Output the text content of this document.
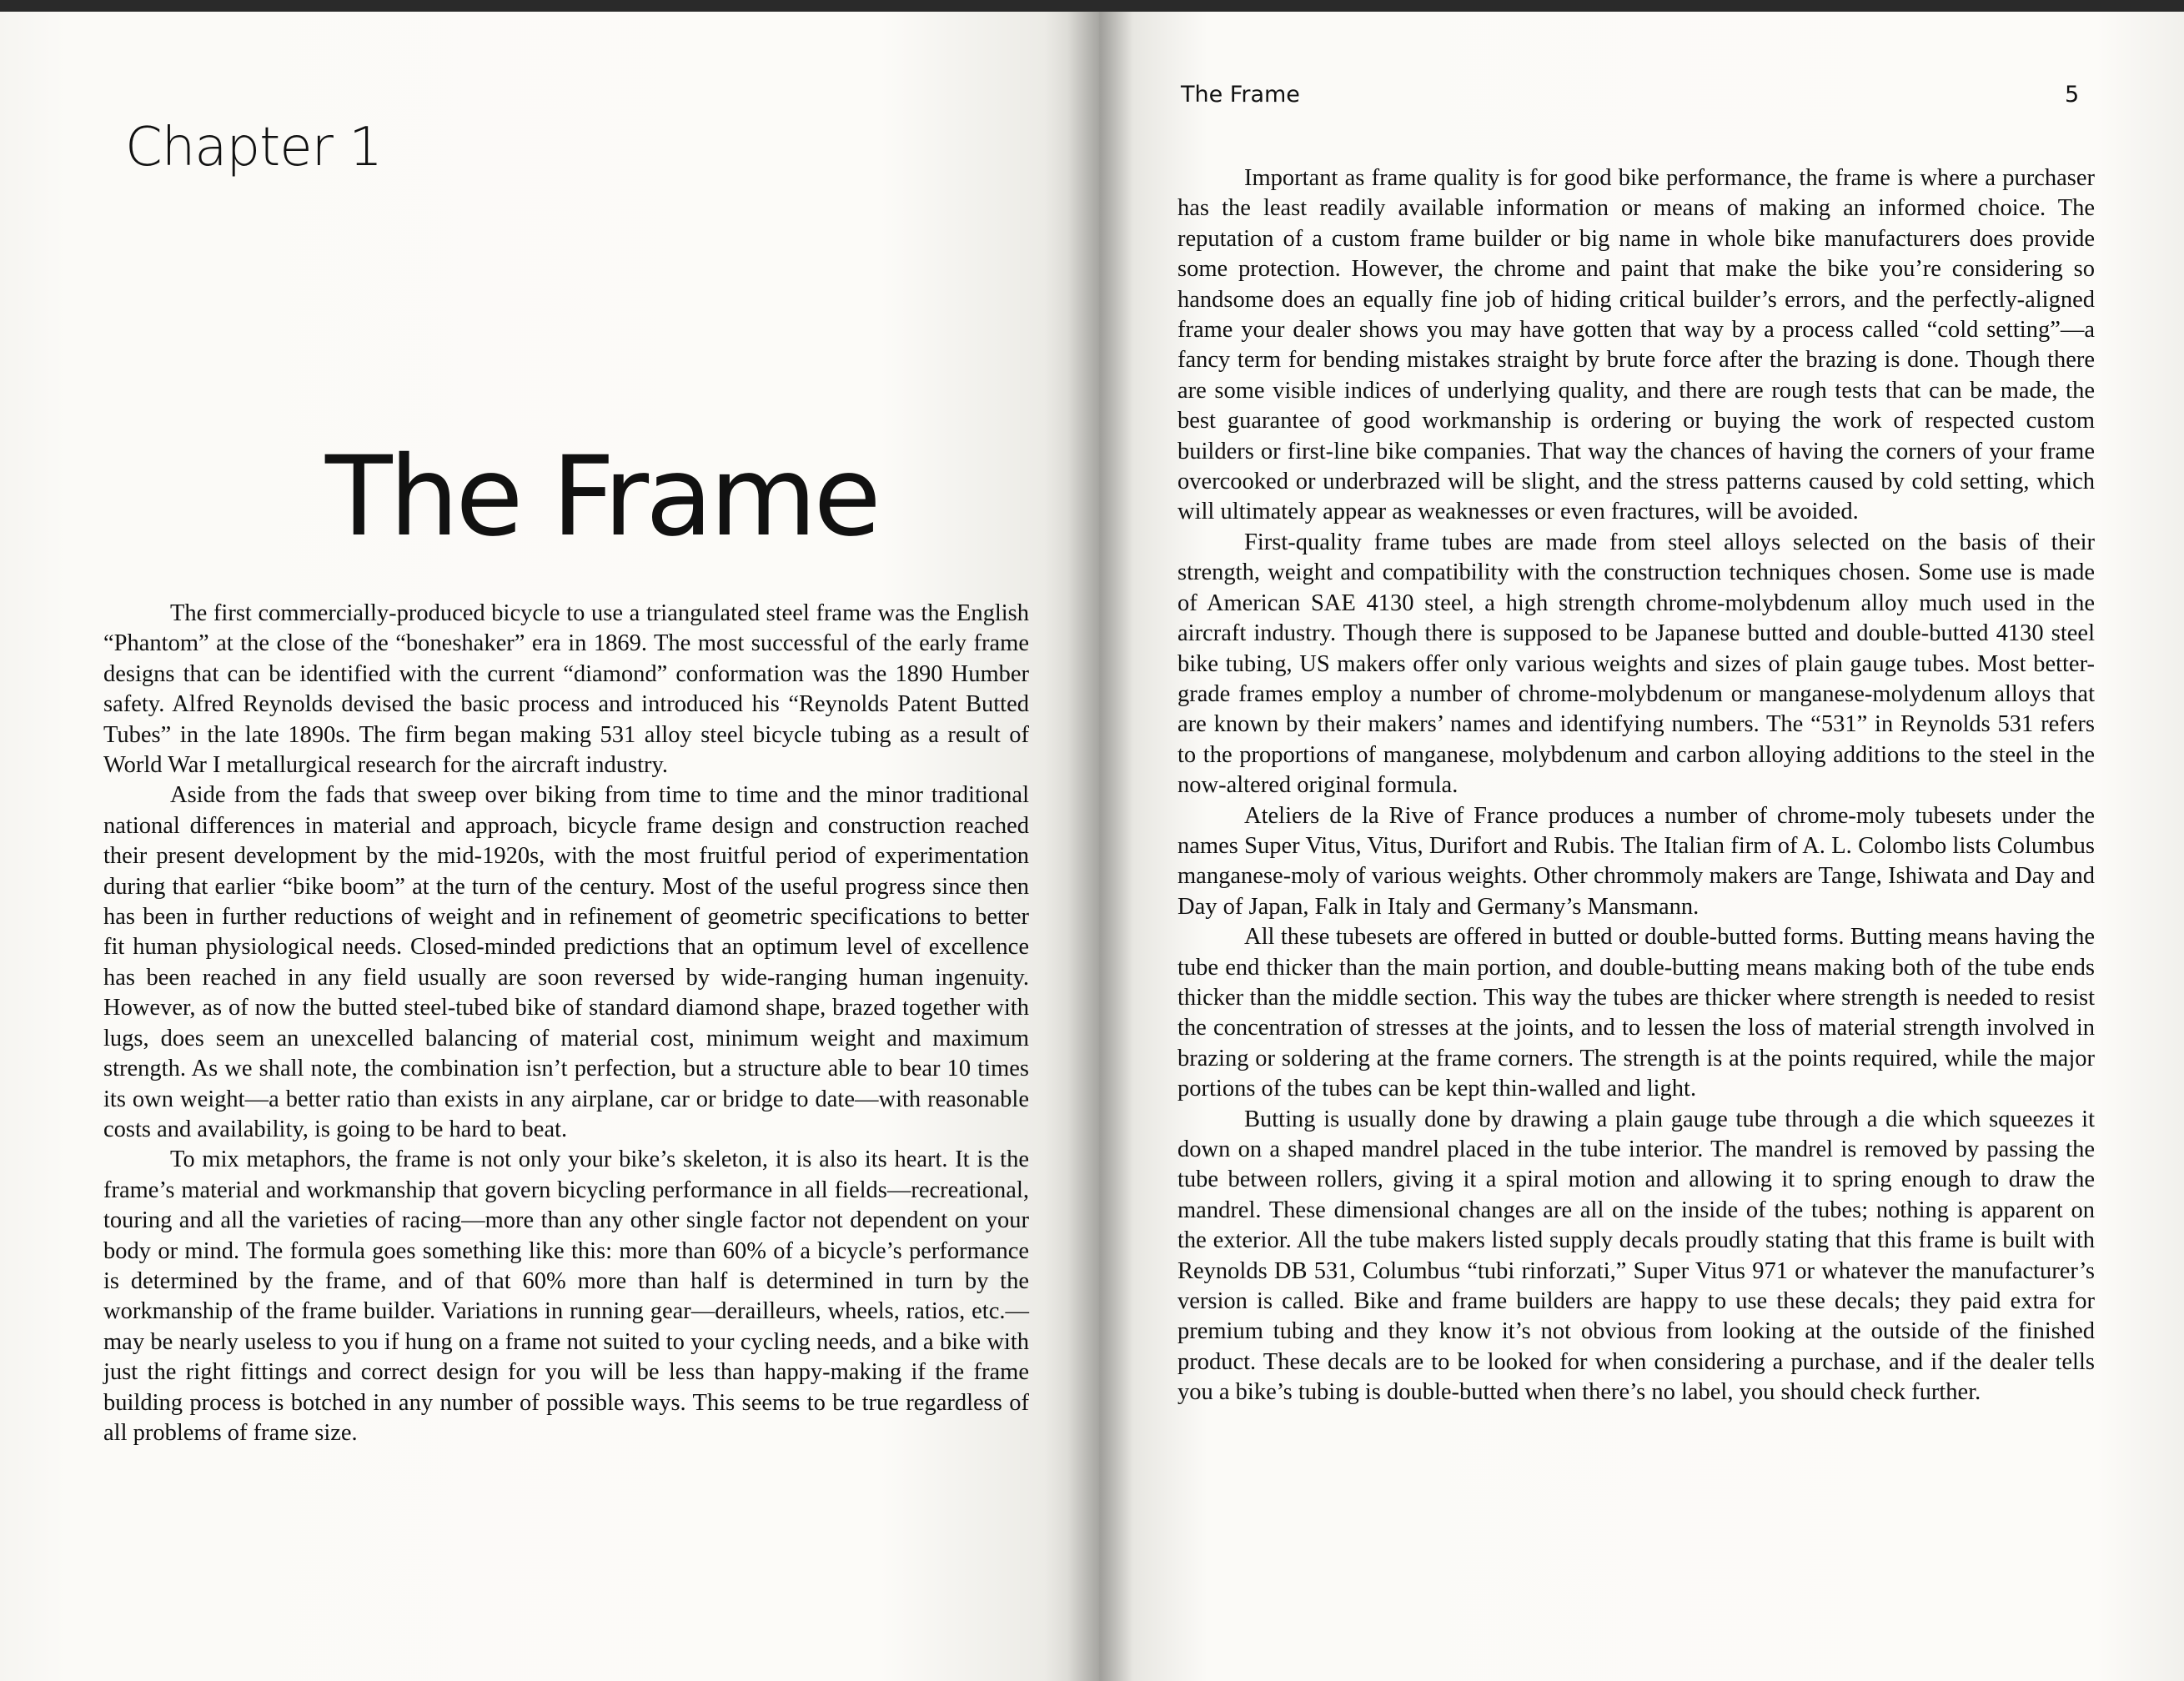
Chapter 1
The Frame

The first commercially-produced bicycle to use a triangulated steel frame was the English “Phantom” at the close of the “boneshaker” era in 1869. The most successful of the early frame designs that can be identified with the current “diamond” conformation was the 1890 Humber safety. Alfred Reynolds devised the basic process and introduced his “Reynolds Patent Butted Tubes” in the late 1890s. The firm began making 531 alloy steel bicycle tubing as a result of World War I metallurgical research for the aircraft industry.

Aside from the fads that sweep over biking from time to time and the minor traditional national differences in material and approach, bicycle frame design and construction reached their present development by the mid-1920s, with the most fruitful period of experimentation during that earlier “bike boom” at the turn of the century. Most of the useful progress since then has been in further reductions of weight and in refinement of geometric specifications to better fit human physiological needs. Closed-minded predictions that an optimum level of excellence has been reached in any field usually are soon reversed by wide-ranging human ingenuity. However, as of now the butted steel-tubed bike of standard diamond shape, brazed together with lugs, does seem an unexcelled balancing of material cost, minimum weight and maximum strength. As we shall note, the combination isn’t perfection, but a structure able to bear 10 times its own weight—a better ratio than exists in any airplane, car or bridge to date—with reasonable costs and availability, is going to be hard to beat.

To mix metaphors, the frame is not only your bike’s skeleton, it is also its heart. It is the frame’s material and workmanship that govern bicycling performance in all fields—recreational, touring and all the varieties of racing—more than any other single factor not dependent on your body or mind. The formula goes something like this: more than 60% of a bicycle’s performance is determined by the frame, and of that 60% more than half is determined in turn by the workmanship of the frame builder. Variations in running gear—derailleurs, wheels, ratios, etc.—may be nearly useless to you if hung on a frame not suited to your cycling needs, and a bike with just the right fittings and correct design for you will be less than happy-making if the frame building process is botched in any number of possible ways. This seems to be true regardless of all problems of frame size.

The Frame	5

Important as frame quality is for good bike performance, the frame is where a purchaser has the least readily available information or means of making an informed choice. The reputation of a custom frame builder or big name in whole bike manufacturers does provide some protection. However, the chrome and paint that make the bike you’re considering so handsome does an equally fine job of hiding critical builder’s errors, and the perfectly-aligned frame your dealer shows you may have gotten that way by a process called “cold setting”—a fancy term for bending mistakes straight by brute force after the brazing is done. Though there are some visible indices of underlying quality, and there are rough tests that can be made, the best guarantee of good workmanship is ordering or buying the work of respected custom builders or first-line bike companies. That way the chances of having the corners of your frame overcooked or underbrazed will be slight, and the stress patterns caused by cold setting, which will ultimately appear as weaknesses or even fractures, will be avoided.

First-quality frame tubes are made from steel alloys selected on the basis of their strength, weight and compatibility with the construction techniques chosen. Some use is made of American SAE 4130 steel, a high strength chrome-molybdenum alloy much used in the aircraft industry. Though there is supposed to be Japanese butted and double-butted 4130 steel bike tubing, US makers offer only various weights and sizes of plain gauge tubes. Most better-grade frames employ a number of chrome-molybdenum or manganese-molydenum alloys that are known by their makers’ names and identifying numbers. The “531” in Reynolds 531 refers to the proportions of manganese, molybdenum and carbon alloying additions to the steel in the now-altered original formula.

Ateliers de la Rive of France produces a number of chrome-moly tubesets under the names Super Vitus, Vitus, Durifort and Rubis. The Italian firm of A. L. Colombo lists Columbus manganese-moly of various weights. Other chrommoly makers are Tange, Ishiwata and Day and Day of Japan, Falk in Italy and Germany’s Mansmann.

All these tubesets are offered in butted or double-butted forms. Butting means having the tube end thicker than the main portion, and double-butting means making both of the tube ends thicker than the middle section. This way the tubes are thicker where strength is needed to resist the concentration of stresses at the joints, and to lessen the loss of material strength involved in brazing or soldering at the frame corners. The strength is at the points required, while the major portions of the tubes can be kept thin-walled and light.

Butting is usually done by drawing a plain gauge tube through a die which squeezes it down on a shaped mandrel placed in the tube interior. The mandrel is removed by passing the tube between rollers, giving it a spiral motion and allowing it to spring enough to draw the mandrel. These dimensional changes are all on the inside of the tubes; nothing is apparent on the exterior. All the tube makers listed supply decals proudly stating that this frame is built with Reynolds DB 531, Columbus “tubi rinforzati,” Super Vitus 971 or whatever the manufacturer’s version is called. Bike and frame builders are happy to use these decals; they paid extra for premium tubing and they know it’s not obvious from looking at the outside of the finished product. These decals are to be looked for when considering a purchase, and if the dealer tells you a bike’s tubing is double-butted when there’s no label, you should check further.
